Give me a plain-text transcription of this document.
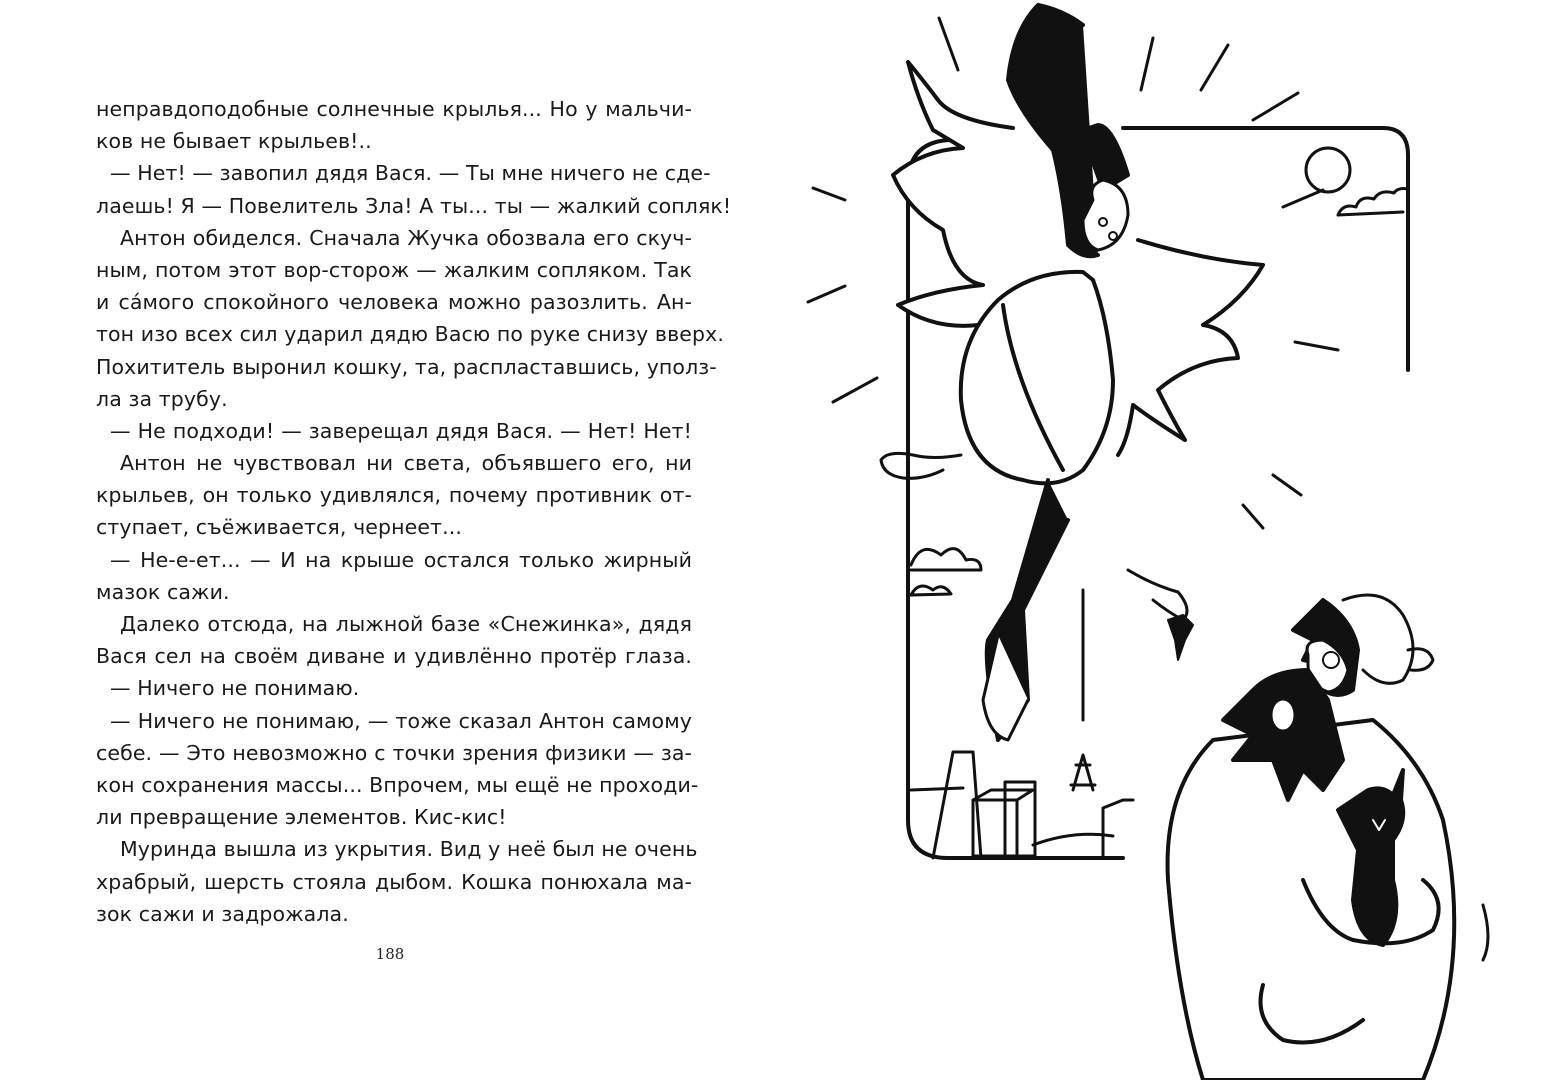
неправдоподобные солнечные крылья... Но у мальчи-
ков не бывает крыльев!..
— Нет! — завопил дядя Вася. — Ты мне ничего не сде-
лаешь! Я — Повелитель Зла! А ты... ты — жалкий сопляк!
Антон обиделся. Сначала Жучка обозвала его скуч-
ным, потом этот вор-сторож — жалким сопляком. Так
и са́мого спокойного человека можно разозлить. Ан-
тон изо всех сил ударил дядю Васю по руке снизу вверх.
Похититель выронил кошку, та, распластавшись, уполз-
ла за трубу.
— Не подходи! — заверещал дядя Вася. — Нет! Нет!
Антон не чувствовал ни света, объявшего его, ни
крыльев, он только удивлялся, почему противник от-
ступает, съёживается, чернеет...
— Не-е-ет... — И на крыше остался только жирный
мазок сажи.
Далеко отсюда, на лыжной базе «Снежинка», дядя
Вася сел на своём диване и удивлённо протёр глаза.
— Ничего не понимаю.
— Ничего не понимаю, — тоже сказал Антон самому
себе. — Это невозможно с точки зрения физики — за-
кон сохранения массы... Впрочем, мы ещё не проходи-
ли превращение элементов. Кис-кис!
Муринда вышла из укрытия. Вид у неё был не очень
храбрый, шерсть стояла дыбом. Кошка понюхала ма-
зок сажи и задрожала.
188
